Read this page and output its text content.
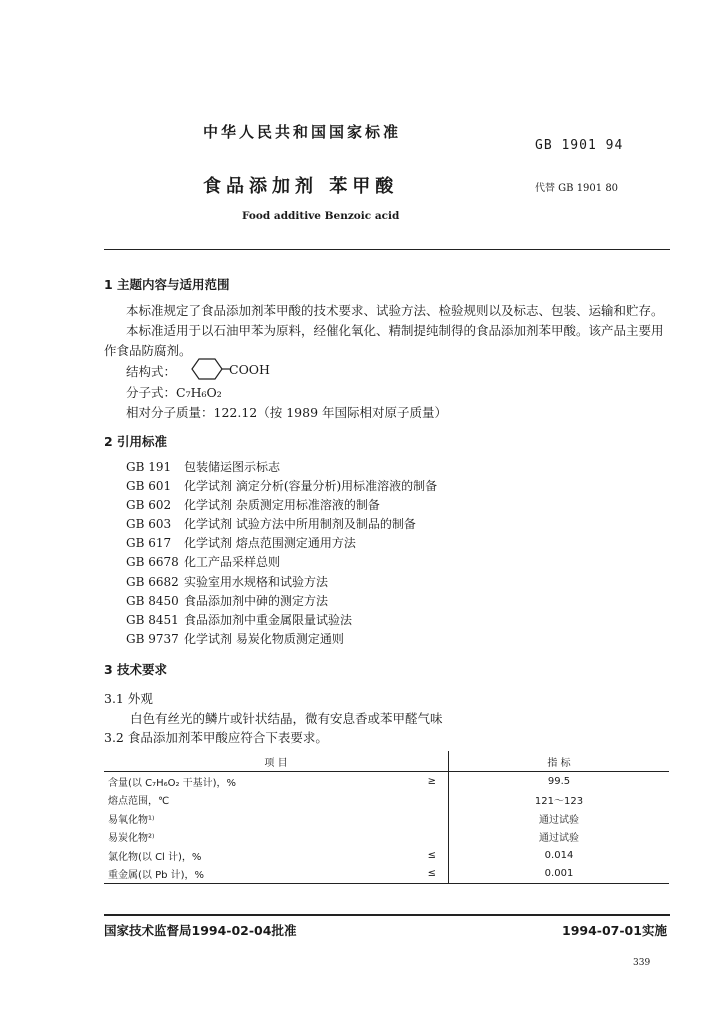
中华人民共和国国家标准
GB 1901 94
食品添加剂 苯甲酸	代替 GB 1901 80
Food additive Benzoic acid
1 主题内容与适用范围
本标准规定了食品添加剂苯甲酸的技术要求、试验方法、检验规则以及标志、包装、运输和贮存。
本标准适用于以石油甲苯为原料，经催化氧化、精制提纯制得的食品添加剂苯甲酸。该产品主要用
作食品防腐剂。
结构式：	COOH
分子式：C₇H₆O₂
相对分子质量：122.12（按 1989 年国际相对原子质量）
2 引用标准
GB 191 包装储运图示标志
GB 601 化学试剂 滴定分析(容量分析)用标准溶液的制备
GB 602 化学试剂 杂质测定用标准溶液的制备
GB 603 化学试剂 试验方法中所用制剂及制品的制备
GB 617 化学试剂 熔点范围测定通用方法
GB 6678 化工产品采样总则
GB 6682 实验室用水规格和试验方法
GB 8450 食品添加剂中砷的测定方法
GB 8451 食品添加剂中重金属限量试验法
GB 9737 化学试剂 易炭化物质测定通则
3 技术要求
3.1 外观
白色有丝光的鳞片或针状结晶，微有安息香或苯甲醛气味
3.2 食品添加剂苯甲酸应符合下表要求。
项 目		指 标
含量(以 C₇H₆O₂ 干基计)，%	≥	99.5
熔点范围，℃		121～123
易氧化物¹⁾		通过试验
易炭化物²⁾		通过试验
氯化物(以 Cl 计)，%	≤	0.014
重金属(以 Pb 计)，%	≤	0.001
国家技术监督局1994-02-04批准	1994-07-01实施
339
